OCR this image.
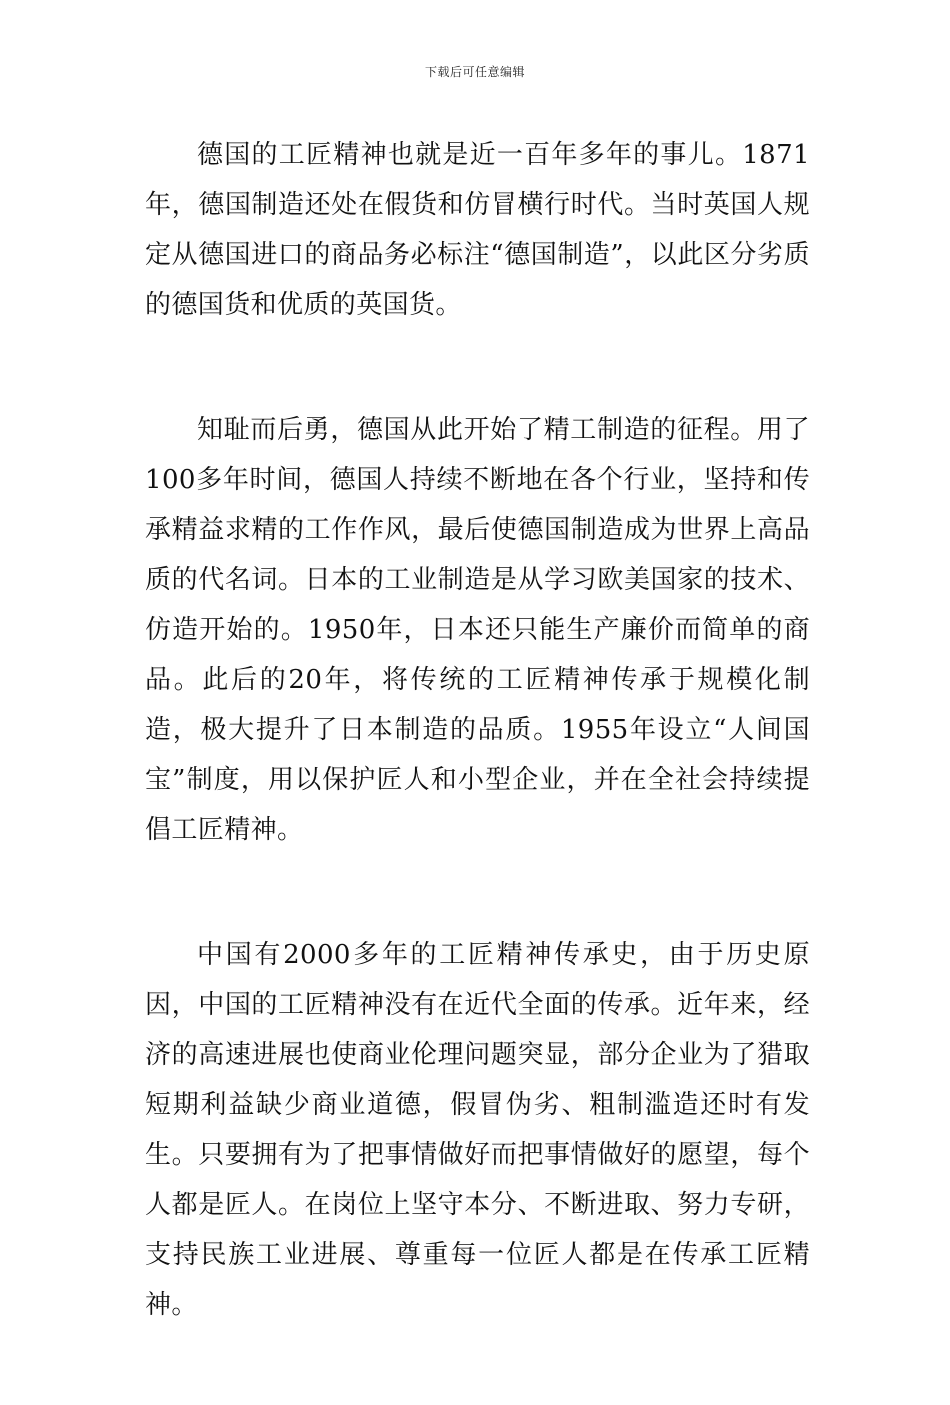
下载后可任意编辑

德国的工匠精神也就是近一百年多年的事儿。1871年，德国制造还处在假货和仿冒横行时代。当时英国人规定从德国进口的商品务必标注“德国制造”，以此区分劣质的德国货和优质的英国货。

知耻而后勇，德国从此开始了精工制造的征程。用了100多年时间，德国人持续不断地在各个行业，坚持和传承精益求精的工作作风，最后使德国制造成为世界上高品质的代名词。日本的工业制造是从学习欧美国家的技术、仿造开始的。1950年，日本还只能生产廉价而简单的商品。此后的20年，将传统的工匠精神传承于规模化制造，极大提升了日本制造的品质。1955年设立“人间国宝”制度，用以保护匠人和小型企业，并在全社会持续提倡工匠精神。

中国有2000多年的工匠精神传承史，由于历史原因，中国的工匠精神没有在近代全面的传承。近年来，经济的高速进展也使商业伦理问题突显，部分企业为了猎取短期利益缺少商业道德，假冒伪劣、粗制滥造还时有发生。只要拥有为了把事情做好而把事情做好的愿望，每个人都是匠人。在岗位上坚守本分、不断进取、努力专研，支持民族工业进展、尊重每一位匠人都是在传承工匠精神。
